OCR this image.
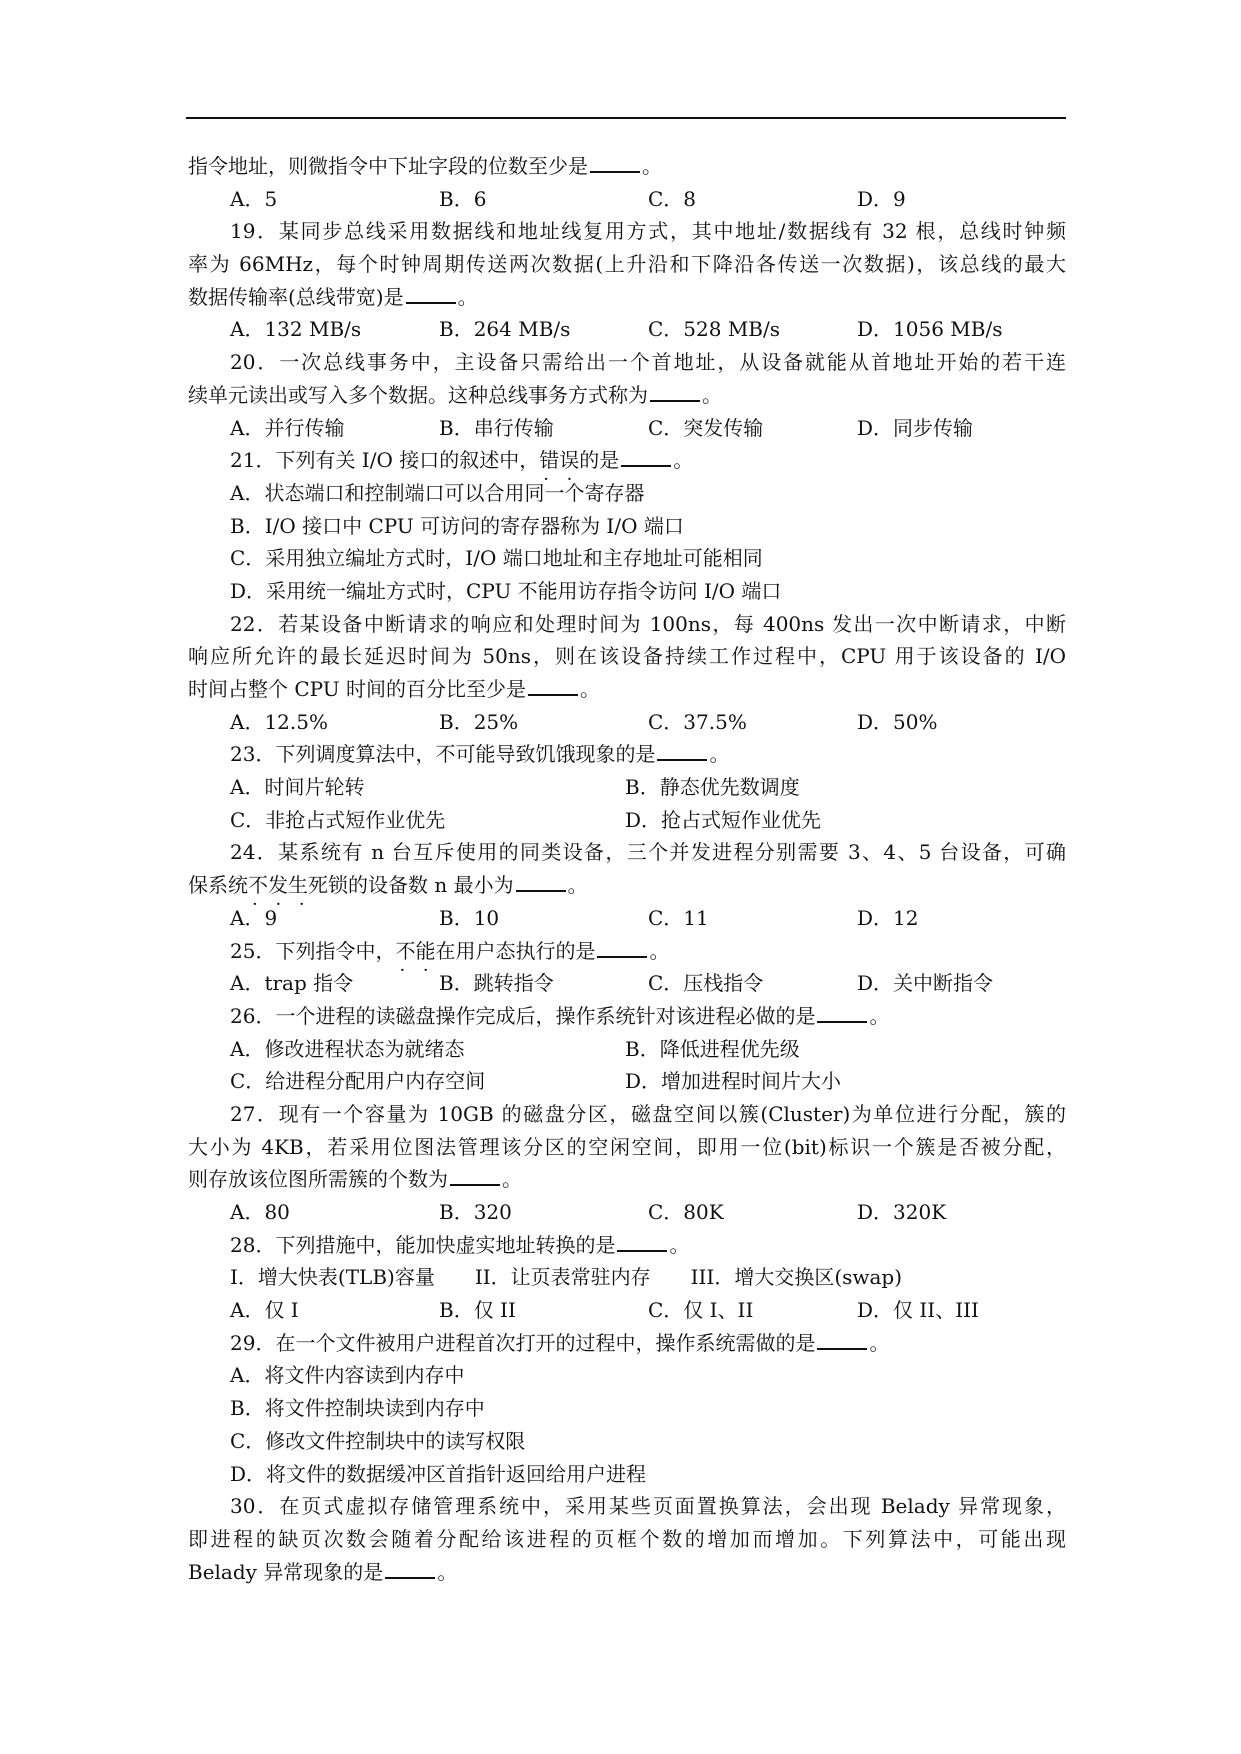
指令地址，则微指令中下址字段的位数至少是	。
A．5	B．6	C．8	D．9
19．某同步总线采用数据线和地址线复用方式，其中地址/数据线有 32 根，总线时钟频
率为 66MHz，每个时钟周期传送两次数据(上升沿和下降沿各传送一次数据)，该总线的最大
数据传输率(总线带宽)是	。
A．132 MB/s	B．264 MB/s	C．528 MB/s	D．1056 MB/s
20．一次总线事务中，主设备只需给出一个首地址，从设备就能从首地址开始的若干连
续单元读出或写入多个数据。这种总线事务方式称为	。
A．并行传输	B．串行传输	C．突发传输	D．同步传输
21．下列有关 I/O 接口的叙述中，错误 · ·的是	。
A．状态端口和控制端口可以合用同一个寄存器
B．I/O 接口中 CPU 可访问的寄存器称为 I/O 端口
C．采用独立编址方式时，I/O 端口地址和主存地址可能相同
D．采用统一编址方式时，CPU 不能用访存指令访问 I/O 端口
22．若某设备中断请求的响应和处理时间为 100ns，每 400ns 发出一次中断请求，中断
响应所允许的最长延迟时间为 50ns，则在该设备持续工作过程中，CPU 用于该设备的 I/O
时间占整个 CPU 时间的百分比至少是	。
A．12.5%	B．25%	C．37.5%	D．50%
23．下列调度算法中，不可能导致饥饿现象的是	。
A．时间片轮转	B．静态优先数调度
C．非抢占式短作业优先	D．抢占式短作业优先
24．某系统有 n 台互斥使用的同类设备，三个并发进程分别需要 3、4、5 台设备，可确
保系统不发生 · · ·死锁的设备数 n 最小为	。
A．9	B．10	C．11	D．12
25．下列指令中，不能 · ·在用户态执行的是	。
A．trap 指令	B．跳转指令	C．压栈指令	D．关中断指令
26．一个进程的读磁盘操作完成后，操作系统针对该进程必做的是	。
A．修改进程状态为就绪态	B．降低进程优先级
C．给进程分配用户内存空间	D．增加进程时间片大小
27．现有一个容量为 10GB 的磁盘分区，磁盘空间以簇(Cluster)为单位进行分配，簇的
大小为 4KB，若采用位图法管理该分区的空闲空间，即用一位(bit)标识一个簇是否被分配，
则存放该位图所需簇的个数为	。
A．80	B．320	C．80K	D．320K
28．下列措施中，能加快虚实地址转换的是	。
I．增大快表(TLB)容量　　II．让页表常驻内存　　III．增大交换区(swap)
A．仅 I	B．仅 II	C．仅 I、II	D．仅 II、III
29．在一个文件被用户进程首次打开的过程中，操作系统需做的是	。
A．将文件内容读到内存中
B．将文件控制块读到内存中
C．修改文件控制块中的读写权限
D．将文件的数据缓冲区首指针返回给用户进程
30．在页式虚拟存储管理系统中，采用某些页面置换算法，会出现 Belady 异常现象，
即进程的缺页次数会随着分配给该进程的页框个数的增加而增加。下列算法中，可能出现
Belady 异常现象的是	。
